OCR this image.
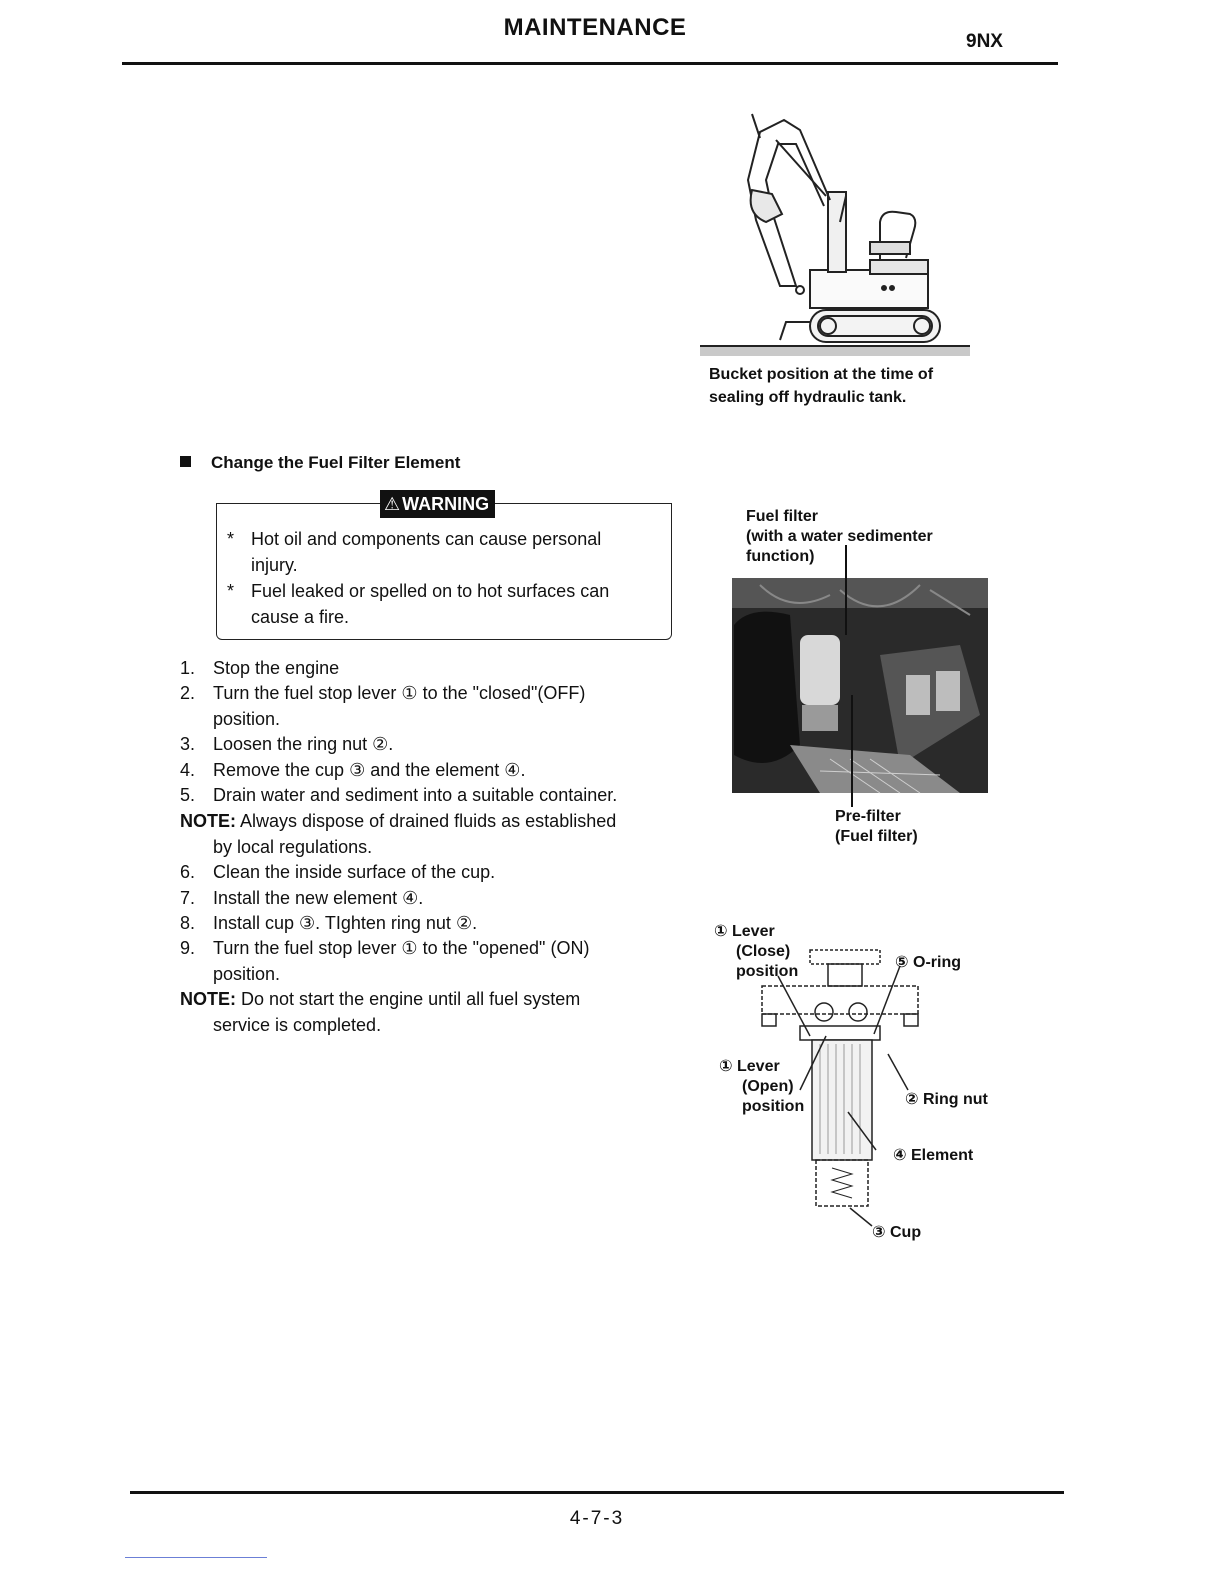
MAINTENANCE
9NX
Bucket position at the time of
sealing off hydraulic tank.
Change the Fuel Filter Element
* Hot oil and components can cause personal
injury.
* Fuel leaked or spelled on to hot surfaces can
cause a fire.
⚠ WARNING
1. Stop the engine
2. Turn the fuel stop lever ① to the "closed"(OFF)
position.
3. Loosen the ring nut ②.
4. Remove the cup ③ and the element ④.
5. Drain water and sediment into a suitable container.
NOTE: Always dispose of drained fluids as established
by local regulations.
6. Clean the inside surface of the cup.
7. Install the new element ④.
8. Install cup ③. TIghten ring nut ②.
9. Turn the fuel stop lever ① to the "opened" (ON)
position.
NOTE: Do not start the engine until all fuel system
service is completed.
Fuel filter
(with a water sedimenter
function)
Pre-filter
(Fuel filter)
① Lever
(Close)
position
⑤ O-ring
① Lever
(Open)
position	② Ring nut
④ Element
③ Cup
4-7-3
